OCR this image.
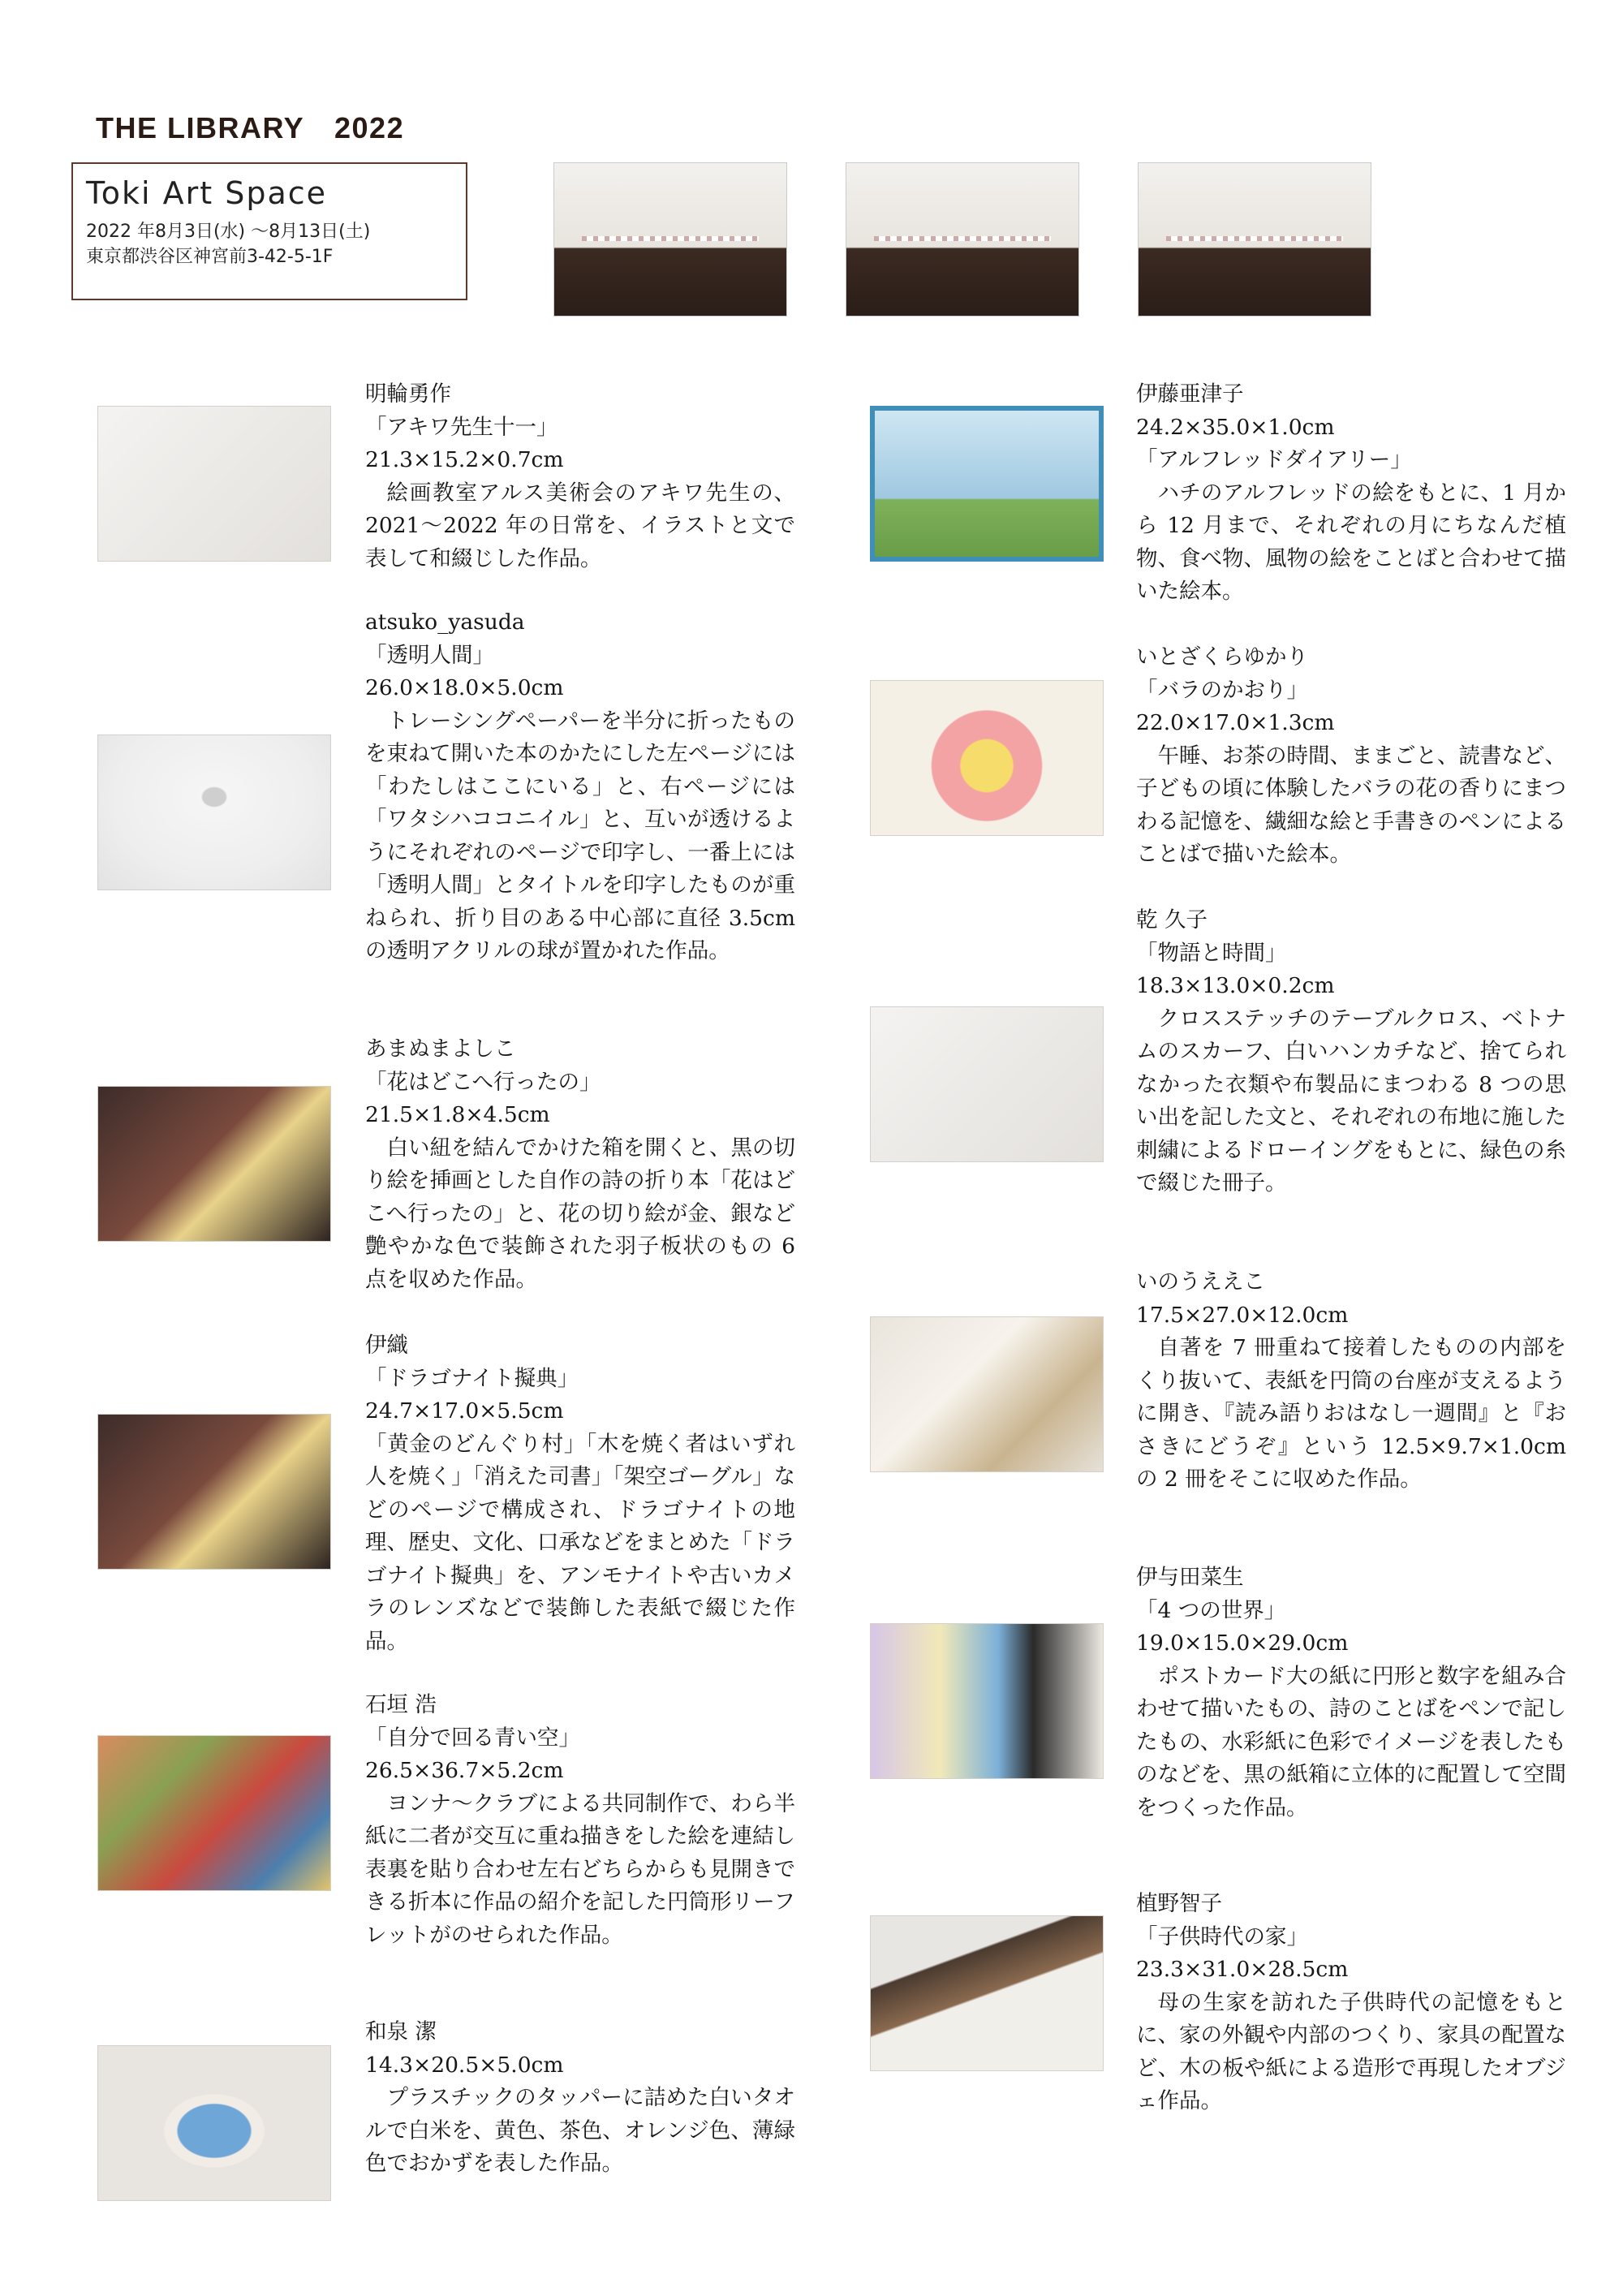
THE LIBRARY　2022
Toki Art Space
2022 年8月3日(水) ～8月13日(土)
東京都渋谷区神宮前3-42-5-1F

明輪勇作

「アキワ先生十一」

21.3×15.2×0.7cm

絵画教室アルス美術会のアキワ先生の、2021～2022 年の日常を、イラストと文で表して和綴じした作品。

atsuko_yasuda

「透明人間」

26.0×18.0×5.0cm

トレーシングペーパーを半分に折ったものを束ねて開いた本のかたにした左ページには「わたしはここにいる」と、右ページには「ワタシハココニイル」と、互いが透けるようにそれぞれのページで印字し、一番上には「透明人間」とタイトルを印字したものが重ねられ、折り目のある中心部に直径 3.5cm の透明アクリルの球が置かれた作品。

あまぬまよしこ

「花はどこへ行ったの」

21.5×1.8×4.5cm

白い紐を結んでかけた箱を開くと、黒の切り絵を挿画とした自作の詩の折り本「花はどこへ行ったの」と、花の切り絵が金、銀など艶やかな色で装飾された羽子板状のもの 6 点を収めた作品。

伊織

「ドラゴナイト擬典」

24.7×17.0×5.5cm

「黄金のどんぐり村」「木を焼く者はいずれ人を焼く」「消えた司書」「架空ゴーグル」などのページで構成され、ドラゴナイトの地理、歴史、文化、口承などをまとめた「ドラゴナイト擬典」を、アンモナイトや古いカメラのレンズなどで装飾した表紙で綴じた作品。

石垣 浩

「自分で回る青い空」

26.5×36.7×5.2cm

ヨンナ～クラブによる共同制作で、わら半紙に二者が交互に重ね描きをした絵を連結し表裏を貼り合わせ左右どちらからも見開きできる折本に作品の紹介を記した円筒形リーフレットがのせられた作品。

和泉 潔

14.3×20.5×5.0cm

プラスチックのタッパーに詰めた白いタオルで白米を、黄色、茶色、オレンジ色、薄緑色でおかずを表した作品。

伊藤亜津子

24.2×35.0×1.0cm

「アルフレッドダイアリー」

ハチのアルフレッドの絵をもとに、1 月から 12 月まで、それぞれの月にちなんだ植物、食べ物、風物の絵をことばと合わせて描いた絵本。

いとざくらゆかり

「バラのかおり」

22.0×17.0×1.3cm

午睡、お茶の時間、ままごと、読書など、子どもの頃に体験したバラの花の香りにまつわる記憶を、繊細な絵と手書きのペンによることばで描いた絵本。

乾 久子

「物語と時間」

18.3×13.0×0.2cm

クロスステッチのテーブルクロス、ベトナムのスカーフ、白いハンカチなど、捨てられなかった衣類や布製品にまつわる 8 つの思い出を記した文と、それぞれの布地に施した刺繍によるドローイングをもとに、緑色の糸で綴じた冊子。

いのうええこ

17.5×27.0×12.0cm

自著を 7 冊重ねて接着したものの内部をくり抜いて、表紙を円筒の台座が支えるように開き、『読み語りおはなし一週間』と『おさきにどうぞ』という 12.5×9.7×1.0cm の 2 冊をそこに収めた作品。

伊与田菜生

「4 つの世界」

19.0×15.0×29.0cm

ポストカード大の紙に円形と数字を組み合わせて描いたもの、詩のことばをペンで記したもの、水彩紙に色彩でイメージを表したものなどを、黒の紙箱に立体的に配置して空間をつくった作品。

植野智子

「子供時代の家」

23.3×31.0×28.5cm

母の生家を訪れた子供時代の記憶をもとに、家の外観や内部のつくり、家具の配置など、木の板や紙による造形で再現したオブジェ作品。
